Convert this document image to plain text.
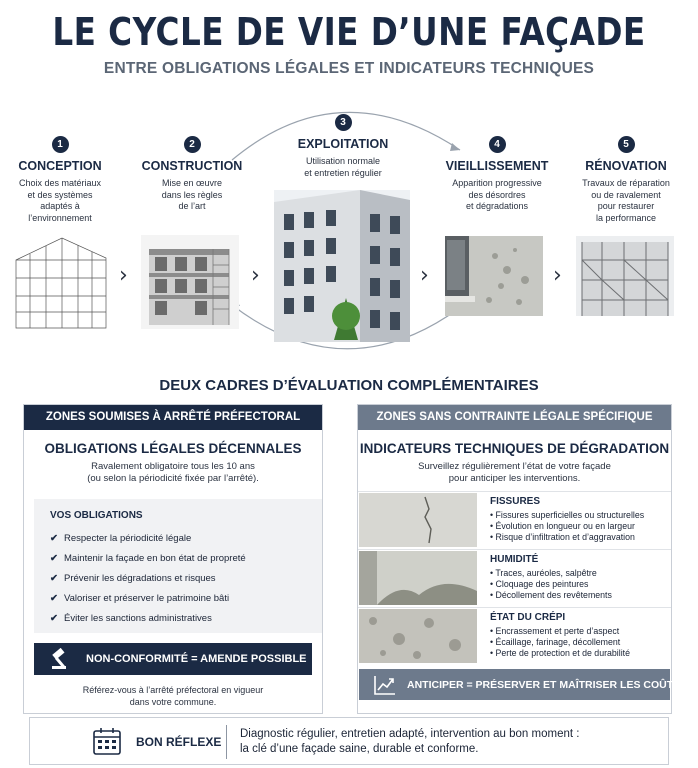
LE CYCLE DE VIE D’UNE FAÇADE
ENTRE OBLIGATIONS LÉGALES ET INDICATEURS TECHNIQUES
1
CONCEPTION
Choix des matériaux
et des systèmes
adaptés à
l’environnement
2
CONSTRUCTION
Mise en œuvre
dans les règles
de l’art
3
EXPLOITATION
Utilisation normale
et entretien régulier
4
VIEILLISSEMENT
Apparition progressive
des désordres
et dégradations
5
RÉNOVATION
Travaux de réparation
ou de ravalement
pour restaurer
la performance
›	›	›	›
DEUX CADRES D’ÉVALUATION COMPLÉMENTAIRES
ZONES SOUMISES À ARRÊTÉ PRÉFECTORAL
OBLIGATIONS LÉGALES DÉCENNALES
Ravalement obligatoire tous les 10 ans
(ou selon la périodicité fixée par l’arrêté).
VOS OBLIGATIONS
✔ Respecter la périodicité légale
✔ Maintenir la façade en bon état de propreté
✔ Prévenir les dégradations et risques
✔ Valoriser et préserver le patrimoine bâti
✔ Éviter les sanctions administratives
NON-CONFORMITÉ = AMENDE POSSIBLE
Référez-vous à l’arrêté préfectoral en vigueur
dans votre commune.
ZONES SANS CONTRAINTE LÉGALE SPÉCIFIQUE
INDICATEURS TECHNIQUES DE DÉGRADATION
Surveillez régulièrement l’état de votre façade
pour anticiper les interventions.
FISSURES
• Fissures superficielles ou structurelles
• Évolution en longueur ou en largeur
• Risque d’infiltration et d’aggravation
HUMIDITÉ
• Traces, auréoles, salpêtre
• Cloquage des peintures
• Décollement des revêtements
ÉTAT DU CRÉPI
• Encrassement et perte d’aspect
• Écaillage, farinage, décollement
• Perte de protection et de durabilité
ANTICIPER = PRÉSERVER ET MAÎTRISER LES COÛTS
BON RÉFLEXE
Diagnostic régulier, entretien adapté, intervention au bon moment :
la clé d’une façade saine, durable et conforme.
